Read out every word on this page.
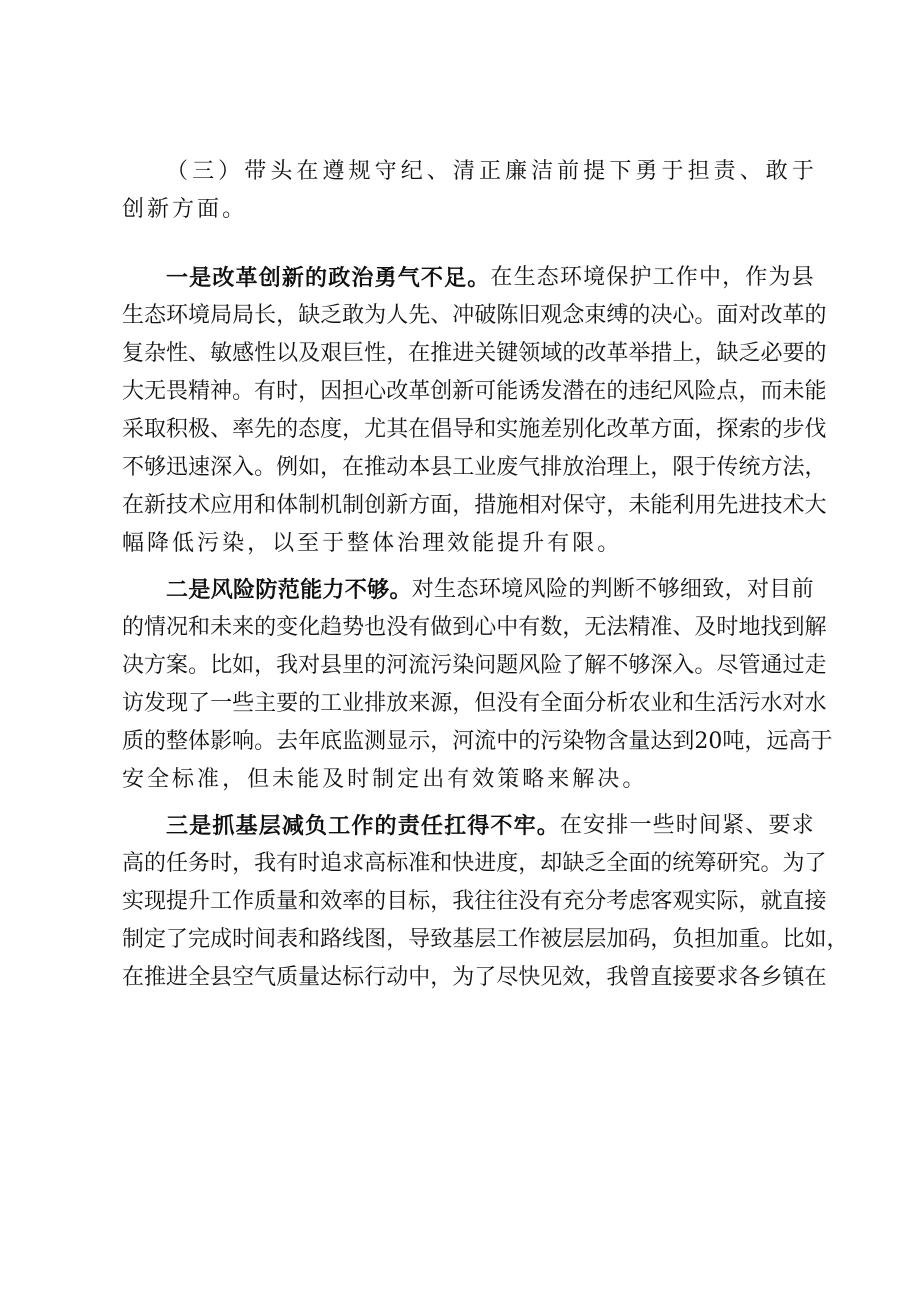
（ 三 ） 带 头 在 遵 规 守 纪 、 清 正 廉 洁 前 提 下 勇 于 担 责 、 敢 于
创 新 方 面 。
一 是 改 革 创 新 的 政 治 勇 气 不 足 。 在 生 态 环 境 保 护 工 作 中 ， 作 为 县
生 态 环 境 局 局 长 ， 缺 乏 敢 为 人 先 、 冲 破 陈 旧 观 念 束 缚 的 决 心 。 面 对 改 革 的
复 杂 性 、 敏 感 性 以 及 艰 巨 性 ， 在 推 进 关 键 领 域 的 改 革 举 措 上 ， 缺 乏 必 要 的
大 无 畏 精 神 。 有 时 ， 因 担 心 改 革 创 新 可 能 诱 发 潜 在 的 违 纪 风 险 点 ， 而 未 能
采 取 积 极 、 率 先 的 态 度 ， 尤 其 在 倡 导 和 实 施 差 别 化 改 革 方 面 ， 探 索 的 步 伐
不 够 迅 速 深 入 。 例 如 ， 在 推 动 本 县 工 业 废 气 排 放 治 理 上 ， 限 于 传 统 方 法 ，
在 新 技 术 应 用 和 体 制 机 制 创 新 方 面 ， 措 施 相 对 保 守 ， 未 能 利 用 先 进 技 术 大
幅 降 低 污 染 ， 以 至 于 整 体 治 理 效 能 提 升 有 限 。
二 是 风 险 防 范 能 力 不 够 。 对 生 态 环 境 风 险 的 判 断 不 够 细 致 ， 对 目 前
的 情 况 和 未 来 的 变 化 趋 势 也 没 有 做 到 心 中 有 数 ， 无 法 精 准 、 及 时 地 找 到 解
决 方 案 。 比 如 ， 我 对 县 里 的 河 流 污 染 问 题 风 险 了 解 不 够 深 入 。 尽 管 通 过 走
访 发 现 了 一 些 主 要 的 工 业 排 放 来 源 ， 但 没 有 全 面 分 析 农 业 和 生 活 污 水 对 水
质 的 整 体 影 响 。 去 年 底 监 测 显 示 ， 河 流 中 的 污 染 物 含 量 达 到 20 吨 ， 远 高 于
安 全 标 准 ， 但 未 能 及 时 制 定 出 有 效 策 略 来 解 决 。
三 是 抓 基 层 减 负 工 作 的 责 任 扛 得 不 牢 。 在 安 排 一 些 时 间 紧 、 要 求
高 的 任 务 时 ， 我 有 时 追 求 高 标 准 和 快 进 度 ， 却 缺 乏 全 面 的 统 筹 研 究 。 为 了
实 现 提 升 工 作 质 量 和 效 率 的 目 标 ， 我 往 往 没 有 充 分 考 虑 客 观 实 际 ， 就 直 接
制 定 了 完 成 时 间 表 和 路 线 图 ， 导 致 基 层 工 作 被 层 层 加 码 ， 负 担 加 重 。 比 如 ，
在 推 进 全 县 空 气 质 量 达 标 行 动 中 ， 为 了 尽 快 见 效 ， 我 曾 直 接 要 求 各 乡 镇 在
